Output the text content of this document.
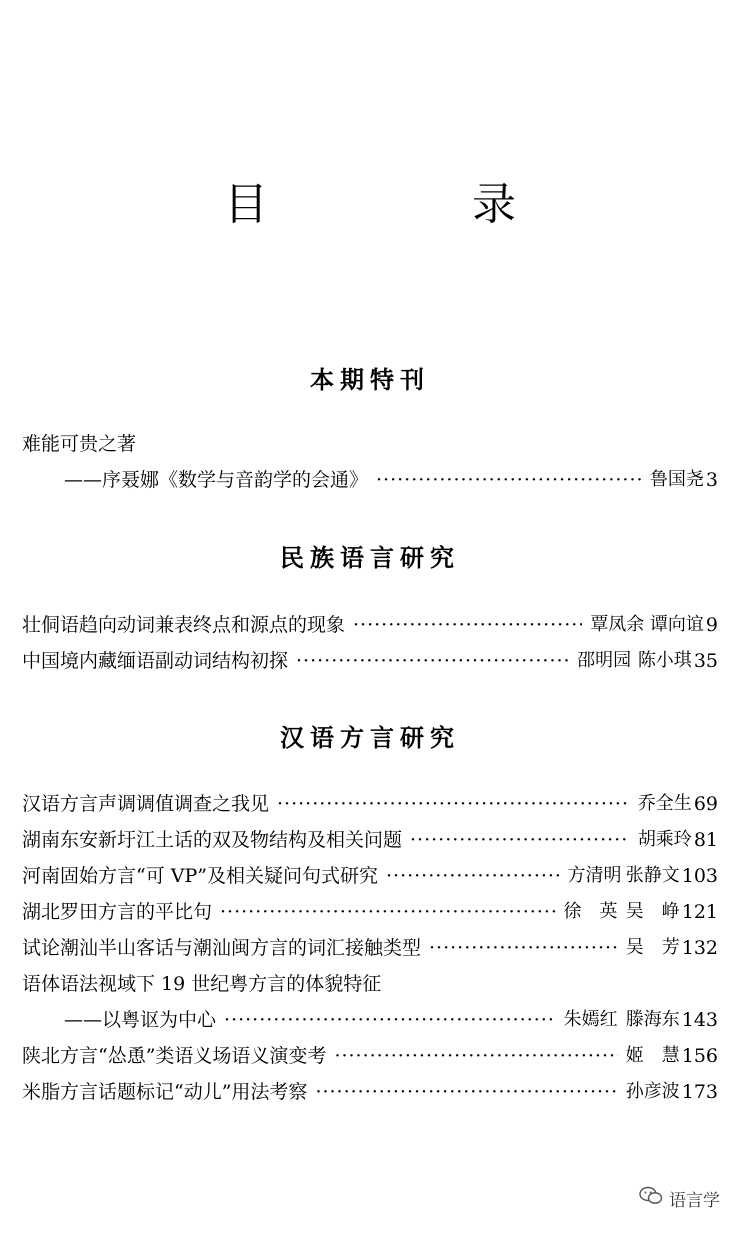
目　录
本期特刊
难能可贵之著
——序聂娜《数学与音韵学的会通》 ·····	鲁国尧 3
民族语言研究
壮侗语趋向动词兼表终点和源点的现象 ·····	覃凤余 谭向谊 9
中国境内藏缅语副动词结构初探 ·····	邵明园 陈小琪 35
汉语方言研究
汉语方言声调调值调查之我见 ·····	乔全生 69
湖南东安新圩江土话的双及物结构及相关问题 ·····	胡乘玲 81
河南固始方言“可 VP”及相关疑问句式研究 ·····	方清明 张静文 103
湖北罗田方言的平比句 ·····	徐　英 吴　峥 121
试论潮汕半山客话与潮汕闽方言的词汇接触类型 ·····	吴　芳 132
语体语法视域下 19 世纪粤方言的体貌特征
——以粤讴为中心 ·····	朱嫣红 滕海东 143
陕北方言“怂恿”类语义场语义演变考 ·····	姬　慧 156
米脂方言话题标记“动儿”用法考察 ·····	孙彦波 173
语言学
